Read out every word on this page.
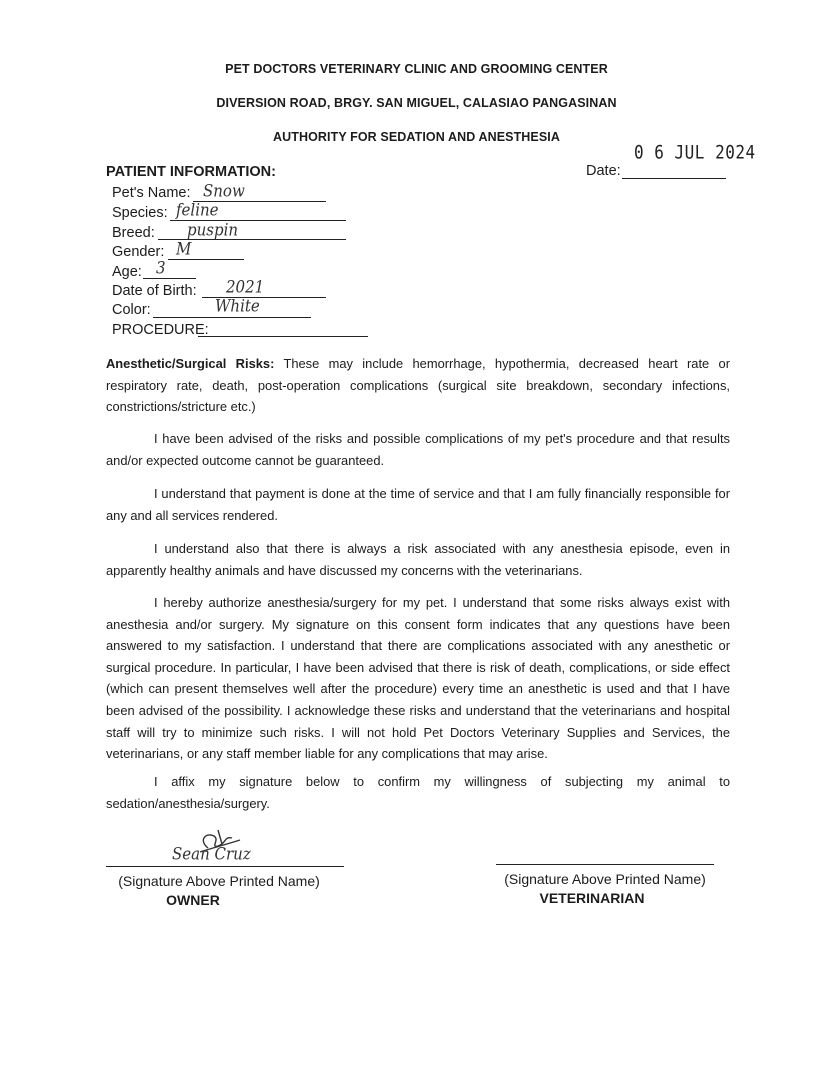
PET DOCTORS VETERINARY CLINIC AND GROOMING CENTER
DIVERSION ROAD, BRGY. SAN MIGUEL, CALASIAO PANGASINAN
AUTHORITY FOR SEDATION AND ANESTHESIA
0 6 JUL 2024
Date:
PATIENT INFORMATION:
Pet's Name: Snow
Species: feline
Breed: puspin
Gender: M
Age: 3
Date of Birth: 2021
Color:	White
PROCEDURE:
Anesthetic/Surgical Risks: These may include hemorrhage, hypothermia, decreased heart rate or respiratory rate, death, post-operation complications (surgical site breakdown, secondary infections, constrictions/stricture etc.)
I have been advised of the risks and possible complications of my pet's procedure and that results and/or expected outcome cannot be guaranteed.
I understand that payment is done at the time of service and that I am fully financially responsible for any and all services rendered.
I understand also that there is always a risk associated with any anesthesia episode, even in apparently healthy animals and have discussed my concerns with the veterinarians.
I hereby authorize anesthesia/surgery for my pet. I understand that some risks always exist with anesthesia and/or surgery. My signature on this consent form indicates that any questions have been answered to my satisfaction. I understand that there are complications associated with any anesthetic or surgical procedure. In particular, I have been advised that there is risk of death, complications, or side effect (which can present themselves well after the procedure) every time an anesthetic is used and that I have been advised of the possibility. I acknowledge these risks and understand that the veterinarians and hospital staff will try to minimize such risks. I will not hold Pet Doctors Veterinary Supplies and Services, the veterinarians, or any staff member liable for any complications that may arise.
I affix my signature below to confirm my willingness of subjecting my animal to sedation/anesthesia/surgery.
Sean Cruz
(Signature Above Printed Name)
OWNER
(Signature Above Printed Name)
VETERINARIAN
